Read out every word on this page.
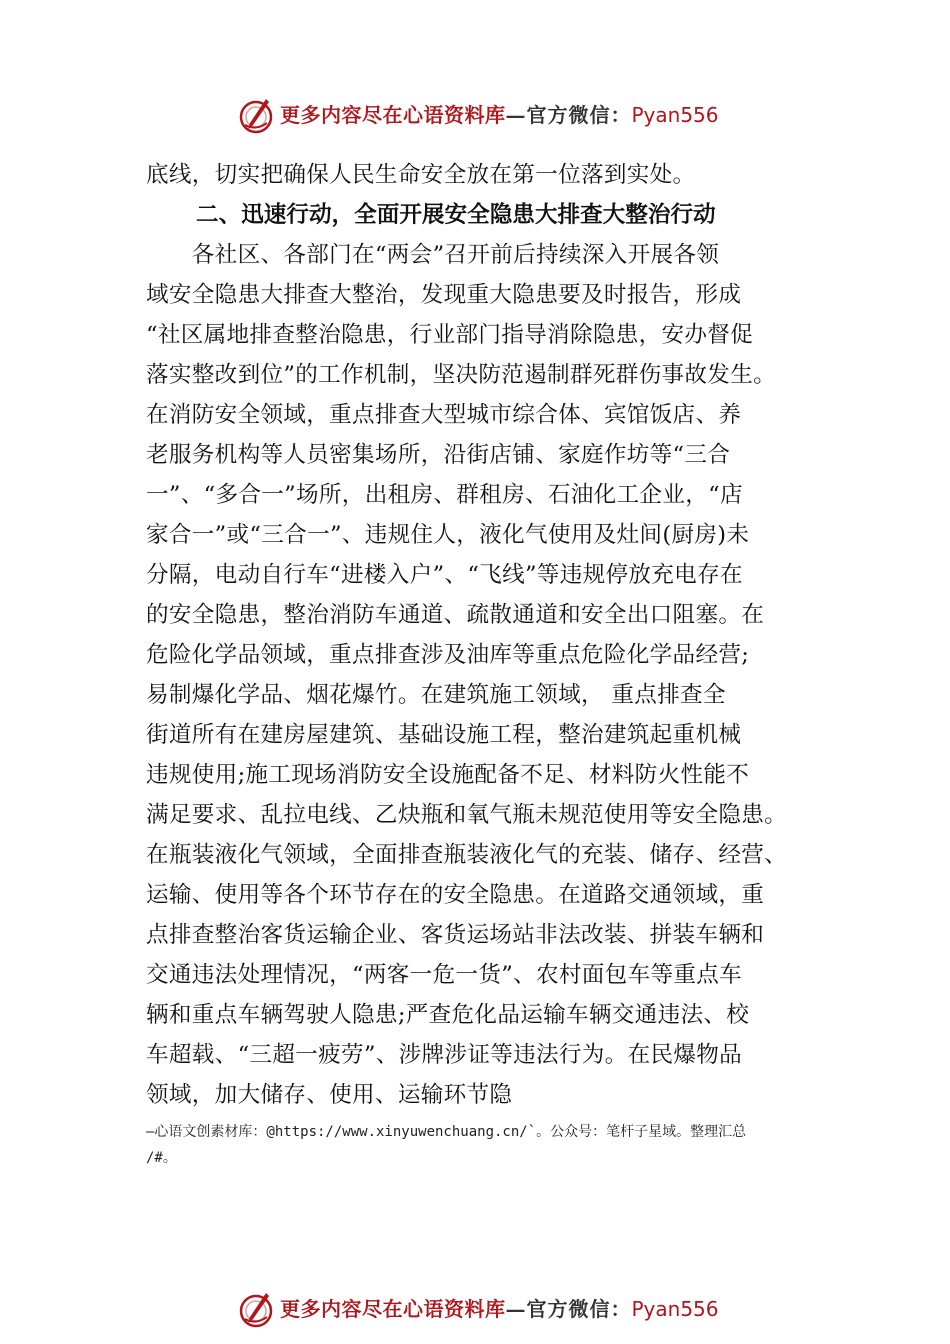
更多内容尽在心语资料库—官方微信：Pyan556
底线，切实把确保人民生命安全放在第一位落到实处。
二、迅速行动，全面开展安全隐患大排查大整治行动
　　各社区、各部门在“两会”召开前后持续深入开展各领
域安全隐患大排查大整治，发现重大隐患要及时报告，形成
“社区属地排查整治隐患，行业部门指导消除隐患，安办督促
落实整改到位”的工作机制，坚决防范遏制群死群伤事故发生。
在消防安全领域，重点排查大型城市综合体、宾馆饭店、养
老服务机构等人员密集场所，沿街店铺、家庭作坊等“三合
一”、“多合一”场所，出租房、群租房、石油化工企业，“店
家合一”或“三合一”、违规住人，液化气使用及灶间(厨房)未
分隔，电动自行车“进楼入户”、“飞线”等违规停放充电存在
的安全隐患，整治消防车通道、疏散通道和安全出口阻塞。在
危险化学品领域，重点排查涉及油库等重点危险化学品经营;
易制爆化学品、烟花爆竹。在建筑施工领域， 重点排查全
街道所有在建房屋建筑、基础设施工程，整治建筑起重机械
违规使用;施工现场消防安全设施配备不足、材料防火性能不
满足要求、乱拉电线、乙炔瓶和氧气瓶未规范使用等安全隐患。
在瓶装液化气领域，全面排查瓶装液化气的充装、储存、经营、
运输、使用等各个环节存在的安全隐患。在道路交通领域，重
点排查整治客货运输企业、客货运场站非法改装、拼装车辆和
交通违法处理情况，“两客一危一货”、农村面包车等重点车
辆和重点车辆驾驶人隐患;严查危化品运输车辆交通违法、校
车超载、“三超一疲劳”、涉牌涉证等违法行为。在民爆物品
领域，加大储存、使用、运输环节隐
—心语文创素材库：@https://www.xinyuwenchuang.cn/`。公众号：笔杆子星域。整理汇总
/#。
更多内容尽在心语资料库—官方微信：Pyan556
